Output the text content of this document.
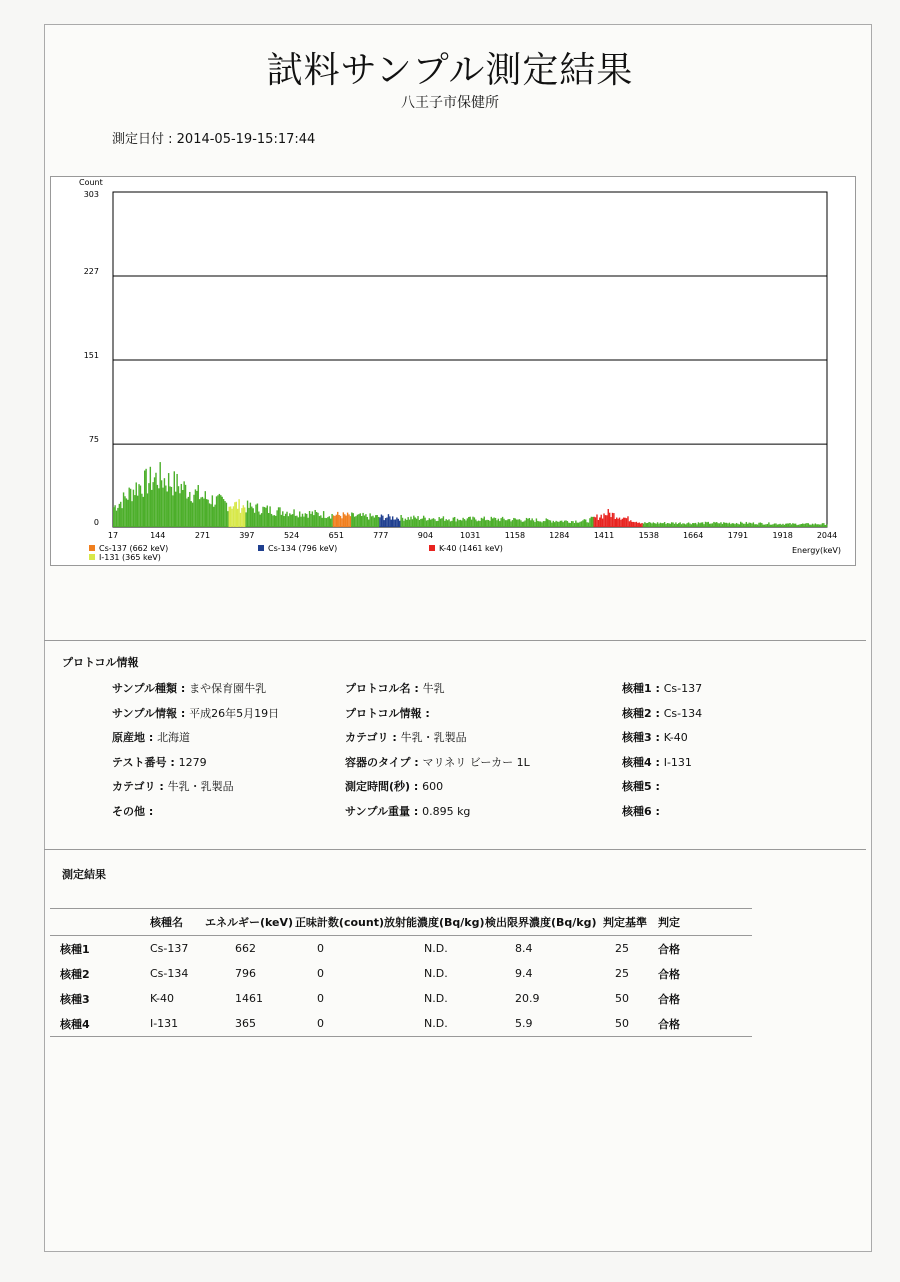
試料サンプル測定結果
八王子市保健所
測定日付 : 2014-05-19-15:17:44
0
75
151
227
303
Count
17	144	271	397	524	651	777	904	1031	1158	1284	1411	1538	1664	1791	1918	2044
Energy(keV)
Cs-137 (662 keV)	Cs-134 (796 keV)	K-40 (1461 keV)
I-131 (365 keV)
プロトコル情報
サンプル種類 : まや保育園牛乳
サンプル情報 : 平成26年5月19日
原産地 : 北海道
テスト番号 : 1279
カテゴリ : 牛乳・乳製品
その他 :
プロトコル名 : 牛乳
プロトコル情報 :
カテゴリ : 牛乳・乳製品
容器のタイプ : マリネリ ビーカー 1L
測定時間(秒) : 600
サンプル重量 : 0.895 kg
核種1 : Cs-137
核種2 : Cs-134
核種3 : K-40
核種4 : I-131
核種5 :
核種6 :
測定結果
	核種名	エネルギー(keV)	正味計数(count)	放射能濃度(Bq/kg)	検出限界濃度(Bq/kg)	判定基準	判定
核種1	Cs-137	662	0	N.D.	8.4	25	合格
核種2	Cs-134	796	0	N.D.	9.4	25	合格
核種3	K-40	1461	0	N.D.	20.9	50	合格
核種4	I-131	365	0	N.D.	5.9	50	合格
